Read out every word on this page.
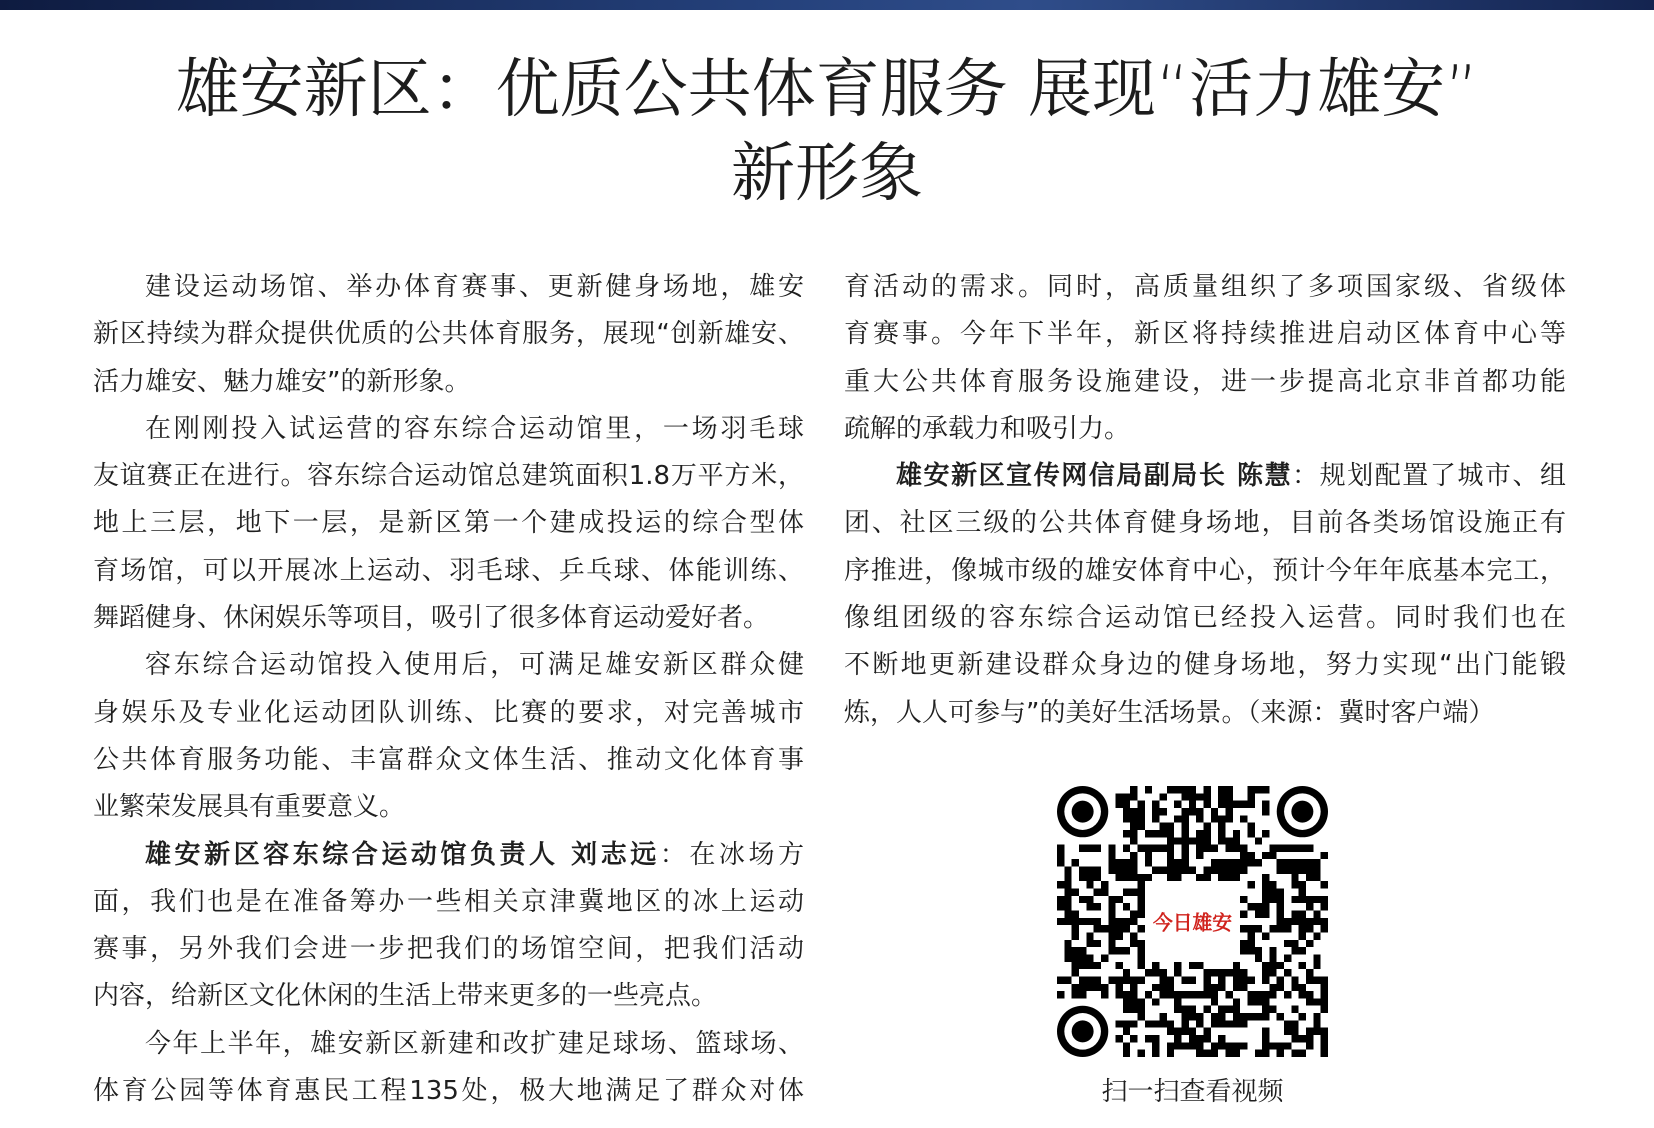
雄安新区：优质公共体育服务 展现“活力雄安”
新形象
建设运动场馆、举办体育赛事、更新健身场地，雄安
新区持续为群众提供优质的公共体育服务，展现“创新雄安、
活力雄安、魅力雄安”的新形象。
在刚刚投入试运营的容东综合运动馆里，一场羽毛球
友谊赛正在进行。容东综合运动馆总建筑面积1.8万平方米，
地上三层，地下一层，是新区第一个建成投运的综合型体
育场馆，可以开展冰上运动、羽毛球、乒乓球、体能训练、
舞蹈健身、休闲娱乐等项目，吸引了很多体育运动爱好者。
容东综合运动馆投入使用后，可满足雄安新区群众健
身娱乐及专业化运动团队训练、比赛的要求，对完善城市
公共体育服务功能、丰富群众文体生活、推动文化体育事
业繁荣发展具有重要意义。
雄安新区容东综合运动馆负责人 刘志远：在冰场方
面，我们也是在准备筹办一些相关京津冀地区的冰上运动
赛事，另外我们会进一步把我们的场馆空间，把我们活动
内容，给新区文化休闲的生活上带来更多的一些亮点。
今年上半年，雄安新区新建和改扩建足球场、篮球场、
体育公园等体育惠民工程135处，极大地满足了群众对体
育活动的需求。同时，高质量组织了多项国家级、省级体
育赛事。今年下半年，新区将持续推进启动区体育中心等
重大公共体育服务设施建设，进一步提高北京非首都功能
疏解的承载力和吸引力。
雄安新区宣传网信局副局长 陈慧：规划配置了城市、组
团、社区三级的公共体育健身场地，目前各类场馆设施正有
序推进，像城市级的雄安体育中心，预计今年年底基本完工，
像组团级的容东综合运动馆已经投入运营。同时我们也在
不断地更新建设群众身边的健身场地，努力实现“出门能锻
炼，人人可参与”的美好生活场景。（来源：冀时客户端）
今日雄安
扫一扫查看视频
